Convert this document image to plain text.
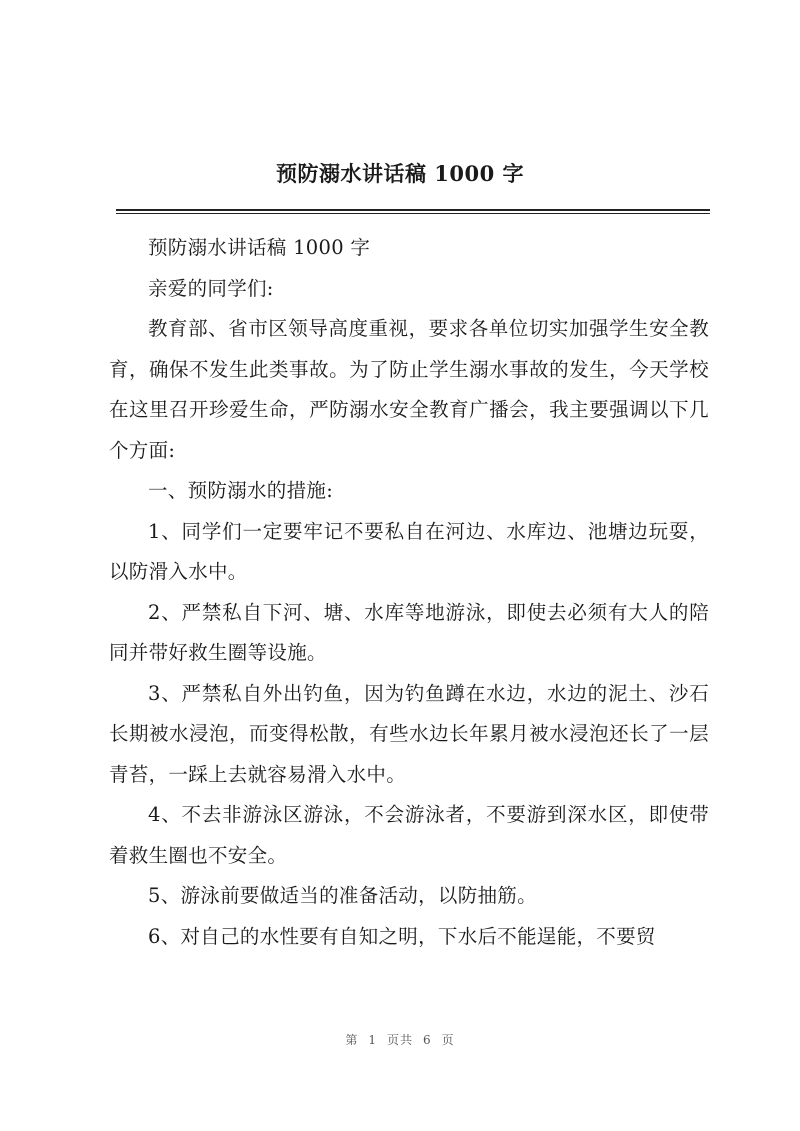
预防溺水讲话稿 1000 字

预防溺水讲话稿 1000 字

亲爱的同学们:

教育部、省市区领导高度重视，要求各单位切实加强学生安全教育，确保不发生此类事故。为了防止学生溺水事故的发生，今天学校在这里召开珍爱生命，严防溺水安全教育广播会，我主要强调以下几个方面:

一、预防溺水的措施:

1、同学们一定要牢记不要私自在河边、水库边、池塘边玩耍，以防滑入水中。

2、严禁私自下河、塘、水库等地游泳，即使去必须有大人的陪同并带好救生圈等设施。

3、严禁私自外出钓鱼，因为钓鱼蹲在水边，水边的泥土、沙石长期被水浸泡，而变得松散，有些水边长年累月被水浸泡还长了一层青苔，一踩上去就容易滑入水中。

4、不去非游泳区游泳，不会游泳者，不要游到深水区，即使带着救生圈也不安全。

5、游泳前要做适当的准备活动，以防抽筋。

6、对自己的水性要有自知之明，下水后不能逞能，不要贸

第 1 页共 6 页
